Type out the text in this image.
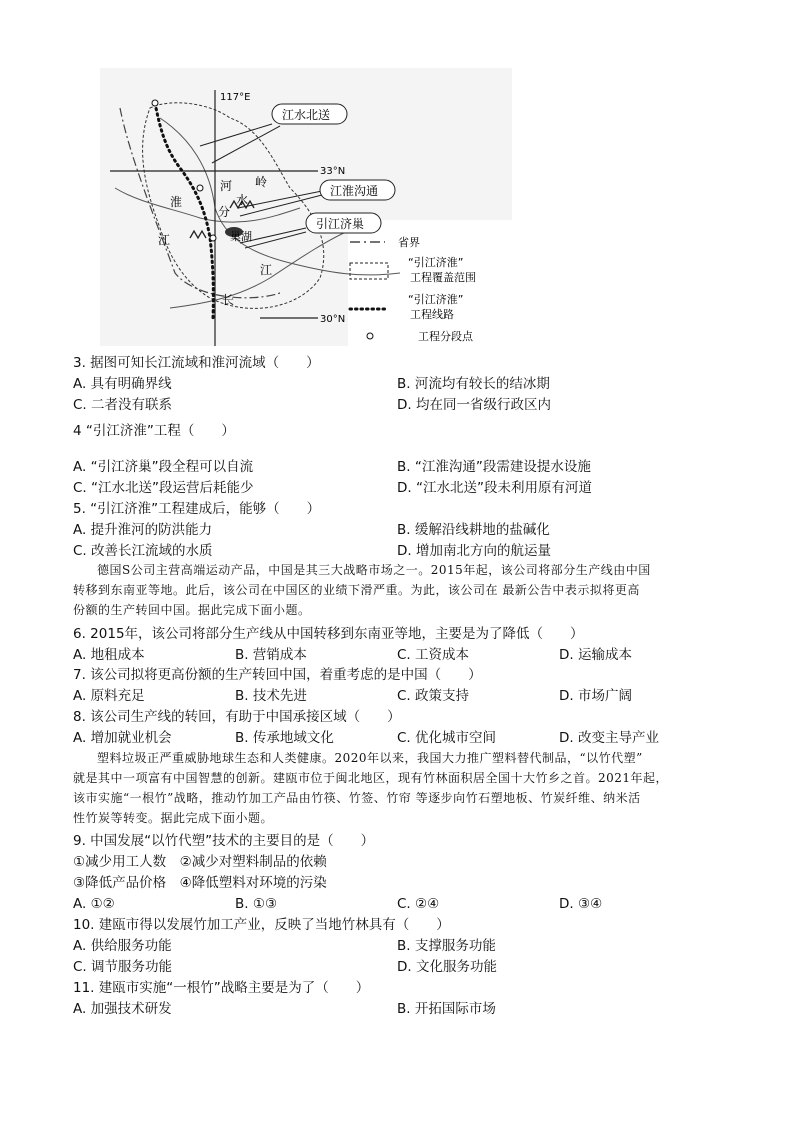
117°E
33°N
30°N
江水北送
江淮沟通
引江济巢
河 岭
淮	水
分
江	巢湖
江
长
省界
“引江济淮”
工程覆盖范围
“引江济淮”
工程线路
工程分段点
3. 据图可知长江流域和淮河流域（　　）
A. 具有明确界线	B. 河流均有较长的结冰期
C. 二者没有联系	D. 均在同一省级行政区内
4 “引江济淮”工程（　　）
A. “引江济巢”段全程可以自流	B. “江淮沟通”段需建设提水设施
C. “江水北送”段运营后耗能少	D. “江水北送”段未利用原有河道
5. “引江济淮”工程建成后，能够（　　）
A. 提升淮河的防洪能力	B. 缓解沿线耕地的盐碱化
C. 改善长江流域的水质	D. 增加南北方向的航运量
德国S公司主营高端运动产品，中国是其三大战略市场之一。2015年起，该公司将部分生产线由中国
转移到东南亚等地。此后，该公司在中国区的业绩下滑严重。为此，该公司在 最新公告中表示拟将更高
份额的生产转回中国。据此完成下面小题。
6. 2015年，该公司将部分生产线从中国转移到东南亚等地，主要是为了降低（　　）
A. 地租成本	B. 营销成本	C. 工资成本	D. 运输成本
7. 该公司拟将更高份额的生产转回中国，着重考虑的是中国（　　）
A. 原料充足	B. 技术先进	C. 政策支持	D. 市场广阔
8. 该公司生产线的转回，有助于中国承接区域（　　）
A. 增加就业机会	B. 传承地域文化	C. 优化城市空间	D. 改变主导产业
塑料垃圾正严重威胁地球生态和人类健康。2020年以来，我国大力推广塑料替代制品，“以竹代塑”
就是其中一项富有中国智慧的创新。建瓯市位于闽北地区，现有竹林面积居全国十大竹乡之首。2021年起，
该市实施“一根竹”战略，推动竹加工产品由竹筷、竹签、竹帘 等逐步向竹石塑地板、竹炭纤维、纳米活
性竹炭等转变。据此完成下面小题。
9. 中国发展“以竹代塑”技术的主要目的是（　　）
①减少用工人数　②减少对塑料制品的依赖
③降低产品价格　④降低塑料对环境的污染
A. ①②	B. ①③	C. ②④	D. ③④
10. 建瓯市得以发展竹加工产业，反映了当地竹林具有（　　）
A. 供给服务功能	B. 支撑服务功能
C. 调节服务功能	D. 文化服务功能
11. 建瓯市实施“一根竹”战略主要是为了（　　）
A. 加强技术研发	B. 开拓国际市场
